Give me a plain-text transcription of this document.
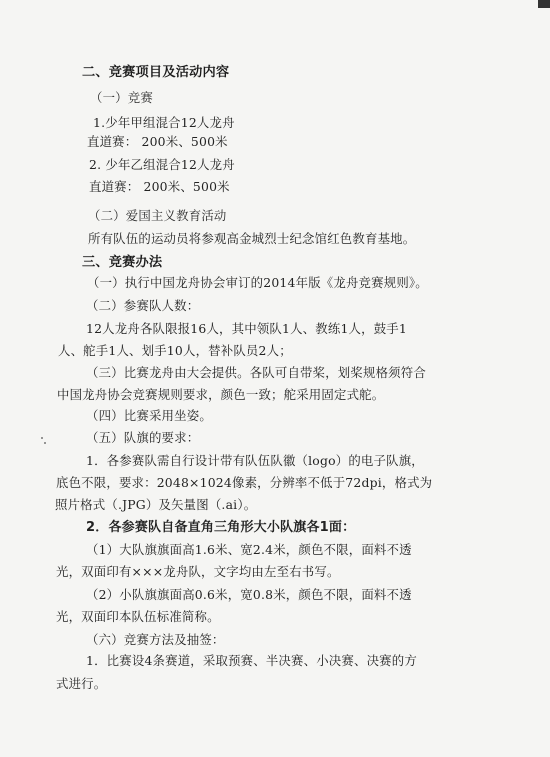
二、竞赛项目及活动内容

（一）竞赛

1.少年甲组混合12人龙舟

直道赛： 200米、500米

2. 少年乙组混合12人龙舟

直道赛： 200米、500米

（二）爱国主义教育活动

所有队伍的运动员将参观高金城烈士纪念馆红色教育基地。

三、竞赛办法

（一）执行中国龙舟协会审订的2014年版《龙舟竞赛规则》。

（二）参赛队人数：

12人龙舟各队限报16人，其中领队1人、教练1人，鼓手1

人、舵手1人、划手10人，替补队员2人；

（三）比赛龙舟由大会提供。各队可自带桨，划桨规格须符合

中国龙舟协会竞赛规则要求，颜色一致；舵采用固定式舵。

（四）比赛采用坐姿。

（五）队旗的要求：

1．各参赛队需自行设计带有队伍队徽（logo）的电子队旗，

底色不限，要求：2048×1024像素，分辨率不低于72dpi，格式为

照片格式（.JPG）及矢量图（.ai）。

2．各参赛队自备直角三角形大小队旗各1面：

（1）大队旗旗面高1.6米、宽2.4米，颜色不限，面料不透

光，双面印有×××龙舟队，文字均由左至右书写。

（2）小队旗旗面高0.6米，宽0.8米，颜色不限，面料不透

光，双面印本队伍标准简称。

（六）竞赛方法及抽签：

1．比赛设4条赛道，采取预赛、半决赛、小决赛、决赛的方

式进行。
